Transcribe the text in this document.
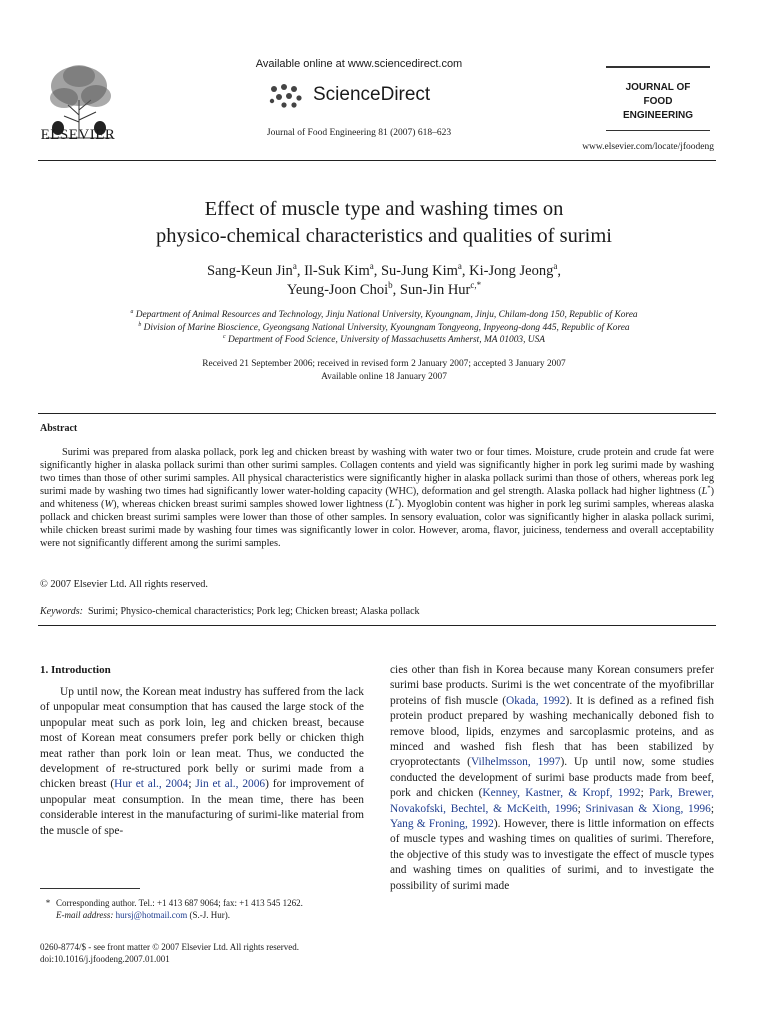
ELSEVIER
Available online at www.sciencedirect.com
ScienceDirect
Journal of Food Engineering 81 (2007) 618–623
JOURNAL OF
FOOD
ENGINEERING
www.elsevier.com/locate/jfoodeng
Effect of muscle type and washing times on
physico-chemical characteristics and qualities of surimi
Sang-Keun Jin$^a$, Il-Suk Kim$^a$, Su-Jung Kim$^a$, Ki-Jong Jeong$^a$,
Yeung-Joon Choi$^b$, Sun-Jin Hur$^{c,*}$
$^a$ Department of Animal Resources and Technology, Jinju National University, Kyoungnam, Jinju, Chilam-dong 150, Republic of Korea
$^b$ Division of Marine Bioscience, Gyeongsang National University, Kyoungnam Tongyeong, Inpyeong-dong 445, Republic of Korea
$^c$ Department of Food Science, University of Massachusetts Amherst, MA 01003, USA
Received 21 September 2006; received in revised form 2 January 2007; accepted 3 January 2007
Available online 18 January 2007
Abstract

Surimi was prepared from alaska pollack, pork leg and chicken breast by washing with water two or four times. Moisture, crude protein and crude fat were significantly higher in alaska pollack surimi than other surimi samples. Collagen contents and yield was significantly higher in pork leg surimi made by washing two times than those of other surimi samples. All physical characteristics were significantly higher in alaska pollack surimi than those of others, whereas pork leg surimi made by washing two times had significantly lower water-holding capacity (WHC), deformation and gel strength. Alaska pollack had higher lightness (L*) and whiteness (W), whereas chicken breast surimi samples showed lower lightness (L*). Myoglobin content was higher in pork leg surimi samples, whereas alaska pollack and chicken breast surimi samples were lower than those of other samples. In sensory evaluation, color was significantly higher in alaska pollack surimi, while chicken breast surimi made by washing four times was significantly lower in color. However, aroma, flavor, juiciness, tenderness and overall acceptability were not significantly different among the surimi samples.

© 2007 Elsevier Ltd. All rights reserved.
Keywords: Surimi; Physico-chemical characteristics; Pork leg; Chicken breast; Alaska pollack
1. Introduction

Up until now, the Korean meat industry has suffered from the lack of unpopular meat consumption that has caused the large stock of the unpopular meat such as pork loin, leg and chicken breast, because most of Korean meat consumers prefer pork belly or chicken thigh meat rather than pork loin or lean meat. Thus, we conducted the development of re-structured pork belly or surimi made from a chicken breast (Hur et al., 2004; Jin et al., 2006) for improvement of unpopular meat consumption. In the mean time, there has been considerable interest in the manufacturing of surimi-like material from the muscle of spe-

* Corresponding author. Tel.: +1 413 687 9064; fax: +1 413 545 1262.
E-mail address: hursj@hotmail.com (S.-J. Hur).
0260-8774/$ - see front matter © 2007 Elsevier Ltd. All rights reserved.
doi:10.1016/j.jfoodeng.2007.01.001

cies other than fish in Korea because many Korean consumers prefer surimi base products. Surimi is the wet concentrate of the myofibrillar proteins of fish muscle (Okada, 1992). It is defined as a refined fish protein product prepared by washing mechanically deboned fish to remove blood, lipids, enzymes and sarcoplasmic proteins, and as minced and washed fish flesh that has been stabilized by cryoprotectants (Vilhelmsson, 1997). Up until now, some studies conducted the development of surimi base products made from beef, pork and chicken (Kenney, Kastner, & Kropf, 1992; Park, Brewer, Novakofski, Bechtel, & McKeith, 1996; Srinivasan & Xiong, 1996; Yang & Froning, 1992). However, there is little information on effects of muscle types and washing times on qualities of surimi. Therefore, the objective of this study was to investigate the effect of muscle types and washing times on qualities of surimi, and to investigate the possibility of surimi made
